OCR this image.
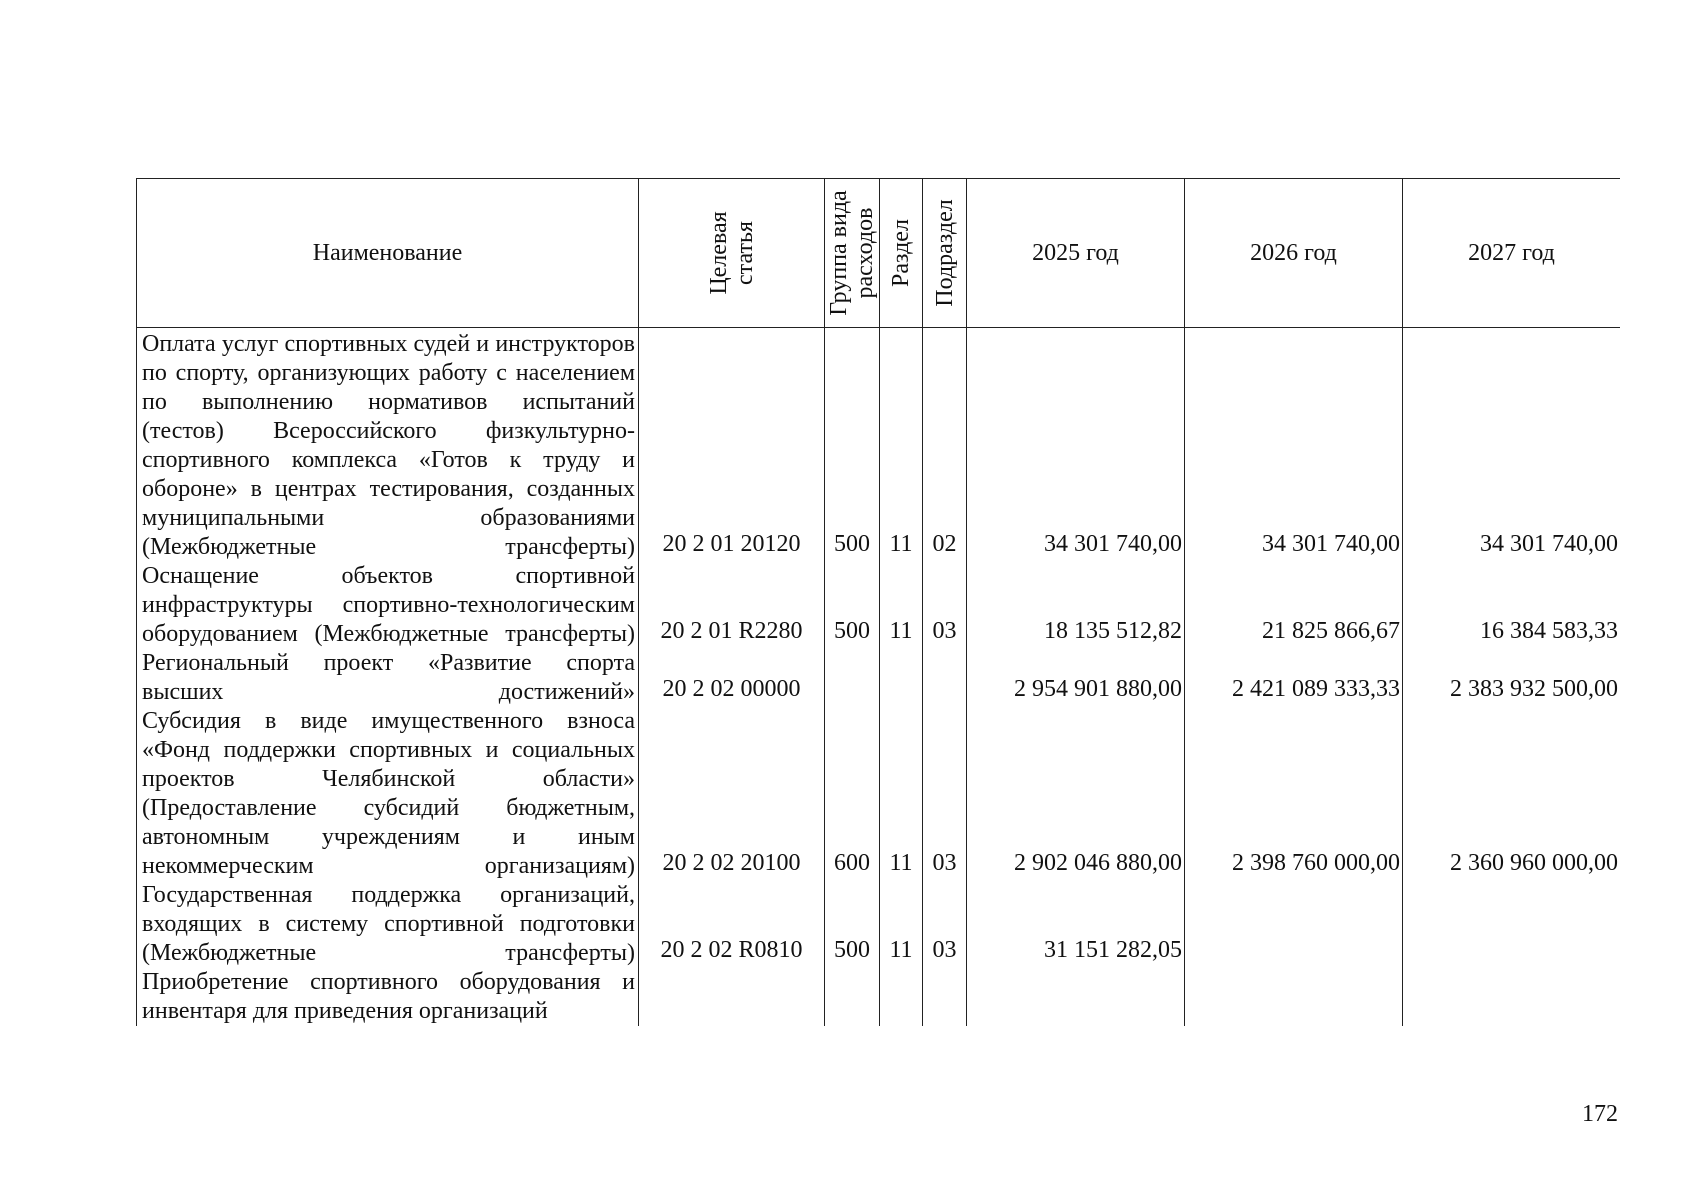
Наименование	Целевая статья	Группа вида расходов	Раздел	Подраздел	2025 год	2026 год	2027 год
Оплата услуг спортивных судей и инструкторов по спорту, организующих работу с населением по выполнению нормативов испытаний (тестов) Всероссийского физкультурно-спортивного комплекса «Готов к труду и обороне» в центрах тестирования, созданных муниципальными образованиями (Межбюджетные трансферты)	20 2 01 20120	500	11	02	34 301 740,00	34 301 740,00	34 301 740,00
Оснащение объектов спортивной инфраструктуры спортивно-технологическим оборудованием (Межбюджетные трансферты)	20 2 01 R2280	500	11	03	18 135 512,82	21 825 866,67	16 384 583,33
Региональный проект «Развитие спорта высших достижений»	20 2 02 00000				2 954 901 880,00	2 421 089 333,33	2 383 932 500,00
Субсидия в виде имущественного взноса «Фонд поддержки спортивных и социальных проектов Челябинской области» (Предоставление субсидий бюджетным, автономным учреждениям и иным некоммерческим организациям)	20 2 02 20100	600	11	03	2 902 046 880,00	2 398 760 000,00	2 360 960 000,00
Государственная поддержка организаций, входящих в систему спортивной подготовки (Межбюджетные трансферты)	20 2 02 R0810	500	11	03	31 151 282,05		
Приобретение спортивного оборудования и инвентаря для приведения организаций							
172
